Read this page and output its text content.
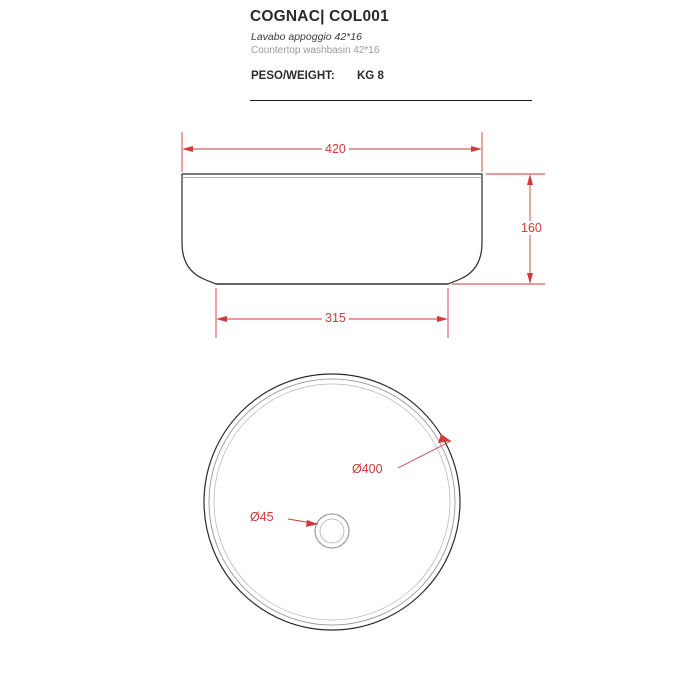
COGNAC| COL001
Lavabo appoggio 42*16
Countertop washbasin 42*16
PESO/WEIGHT: KG 8
420
160
315
Ø400
Ø45
